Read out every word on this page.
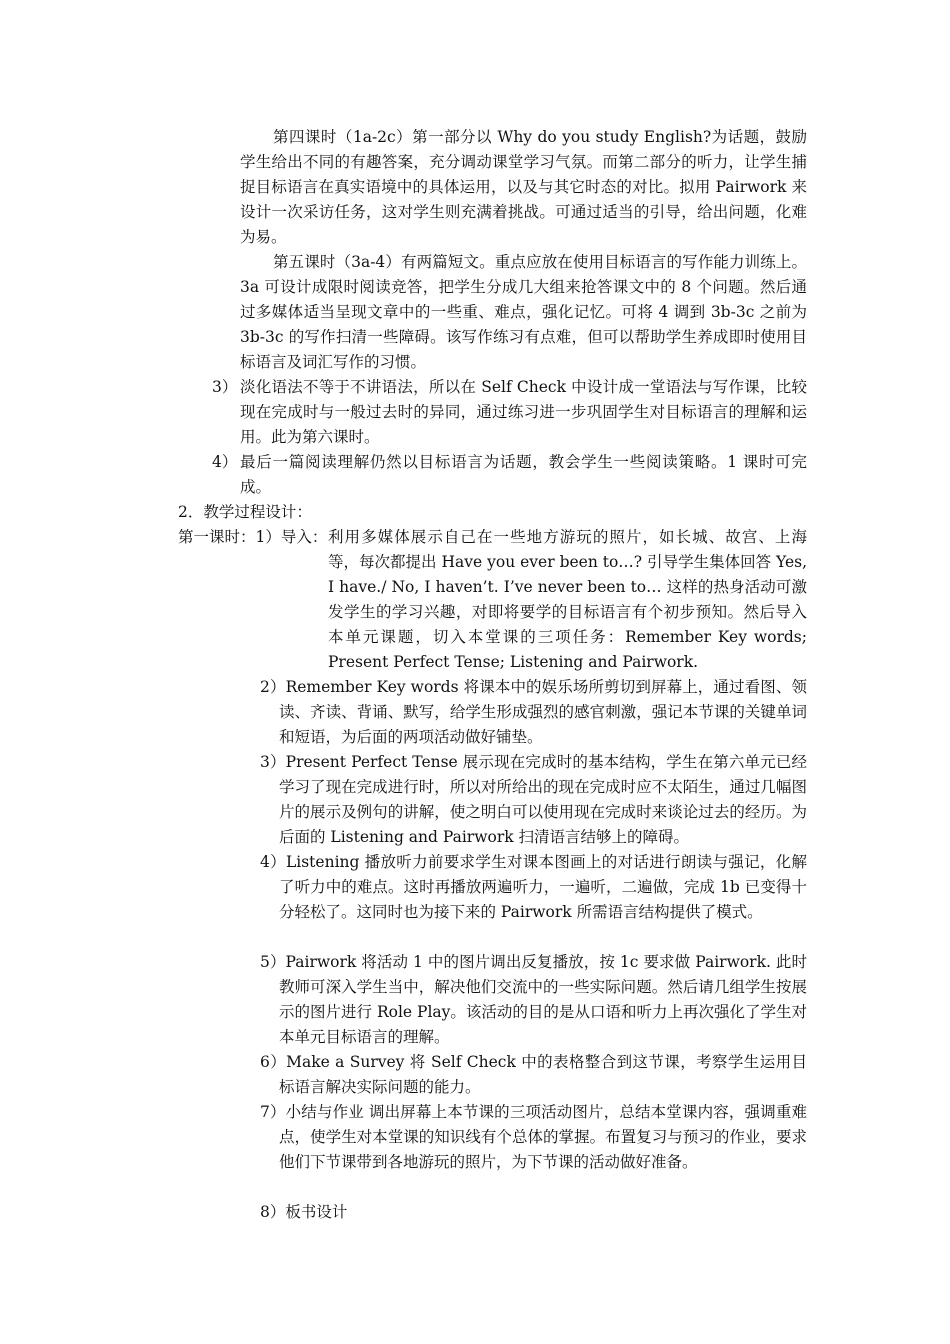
第四课时（1a-2c）第一部分以 Why do you study English?为话题，鼓励学生给出不同的有趣答案，充分调动课堂学习气氛。而第二部分的听力，让学生捕捉目标语言在真实语境中的具体运用，以及与其它时态的对比。拟用 Pairwork 来设计一次采访任务，这对学生则充满着挑战。可通过适当的引导，给出问题，化难为易。
第五课时（3a-4）有两篇短文。重点应放在使用目标语言的写作能力训练上。3a 可设计成限时阅读竞答，把学生分成几大组来抢答课文中的 8 个问题。然后通过多媒体适当呈现文章中的一些重、难点，强化记忆。可将 4 调到 3b-3c 之前为 3b-3c 的写作扫清一些障碍。该写作练习有点难，但可以帮助学生养成即时使用目标语言及词汇写作的习惯。
3） 淡化语法不等于不讲语法，所以在 Self Check 中设计成一堂语法与写作课，比较现在完成时与一般过去时的异同，通过练习进一步巩固学生对目标语言的理解和运用。此为第六课时。
4） 最后一篇阅读理解仍然以目标语言为话题，教会学生一些阅读策略。1 课时可完成。
2．教学过程设计：
第一课时：1）导入： 利用多媒体展示自己在一些地方游玩的照片，如长城、故宫、上海等，每次都提出 Have you ever been to…? 引导学生集体回答 Yes, I have./ No, I haven’t. I’ve never been to… 这样的热身活动可激发学生的学习兴趣，对即将要学的目标语言有个初步预知。然后导入本单元课题，切入本堂课的三项任务：Remember Key words; Present Perfect Tense; Listening and Pairwork.
2）Remember Key words 将课本中的娱乐场所剪切到屏幕上，通过看图、领读、齐读、背诵、默写，给学生形成强烈的感官刺激，强记本节课的关键单词和短语，为后面的两项活动做好铺垫。
3）Present Perfect Tense 展示现在完成时的基本结构，学生在第六单元已经学习了现在完成进行时，所以对所给出的现在完成时应不太陌生，通过几幅图片的展示及例句的讲解，使之明白可以使用现在完成时来谈论过去的经历。为后面的 Listening and Pairwork 扫清语言结够上的障碍。
4）Listening 播放听力前要求学生对课本图画上的对话进行朗读与强记，化解了听力中的难点。这时再播放两遍听力，一遍听，二遍做，完成 1b 已变得十分轻松了。这同时也为接下来的 Pairwork 所需语言结构提供了模式。
5）Pairwork 将活动 1 中的图片调出反复播放，按 1c 要求做 Pairwork. 此时教师可深入学生当中，解决他们交流中的一些实际问题。然后请几组学生按展示的图片进行 Role Play。该活动的目的是从口语和听力上再次强化了学生对本单元目标语言的理解。
6）Make a Survey 将 Self Check 中的表格整合到这节课，考察学生运用目标语言解决实际问题的能力。
7）小结与作业 调出屏幕上本节课的三项活动图片，总结本堂课内容，强调重难点，使学生对本堂课的知识线有个总体的掌握。布置复习与预习的作业，要求他们下节课带到各地游玩的照片，为下节课的活动做好准备。
8）板书设计
